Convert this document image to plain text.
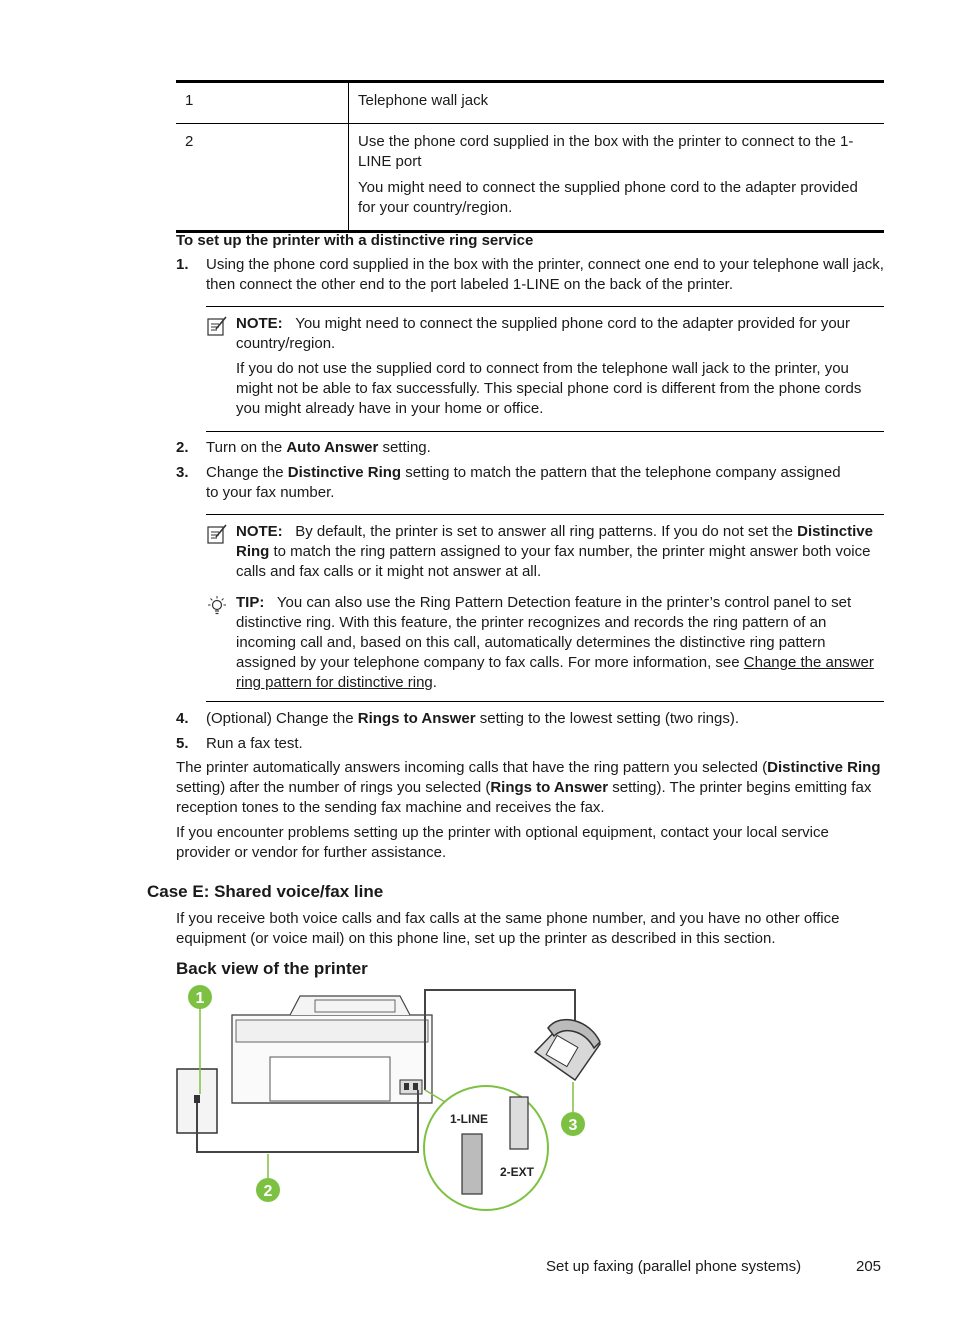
1	Telephone wall jack

2	Use the phone cord supplied in the box with the printer to connect to the 1-LINE port

You might need to connect the supplied phone cord to the adapter provided for your country/region.

To set up the printer with a distinctive ring service
1. Using the phone cord supplied in the box with the printer, connect one end to your telephone wall jack, then connect the other end to the port labeled 1-LINE on the back of the printer.

NOTE: You might need to connect the supplied phone cord to the adapter provided for your country/region.

If you do not use the supplied cord to connect from the telephone wall jack to the printer, you might not be able to fax successfully. This special phone cord is different from the phone cords you might already have in your home or office.

2. Turn on the Auto Answer setting.
3. Change the Distinctive Ring setting to match the pattern that the telephone company assigned to your fax number.

NOTE: By default, the printer is set to answer all ring patterns. If you do not set the Distinctive Ring to match the ring pattern assigned to your fax number, the printer might answer both voice calls and fax calls or it might not answer at all.

TIP: You can also use the Ring Pattern Detection feature in the printer’s control panel to set distinctive ring. With this feature, the printer recognizes and records the ring pattern of an incoming call and, based on this call, automatically determines the distinctive ring pattern assigned by your telephone company to fax calls. For more information, see Change the answer ring pattern for distinctive ring.

4. (Optional) Change the Rings to Answer setting to the lowest setting (two rings).
5. Run a fax test.
The printer automatically answers incoming calls that have the ring pattern you selected (Distinctive Ring setting) after the number of rings you selected (Rings to Answer setting). The printer begins emitting fax reception tones to the sending fax machine and receives the fax.
If you encounter problems setting up the printer with optional equipment, contact your local service provider or vendor for further assistance.
Case E: Shared voice/fax line
If you receive both voice calls and fax calls at the same phone number, and you have no other office equipment (or voice mail) on this phone line, set up the printer as described in this section.
Back view of the printer
1-LINE
2-EXT
1
2
3
Set up faxing (parallel phone systems)	205
